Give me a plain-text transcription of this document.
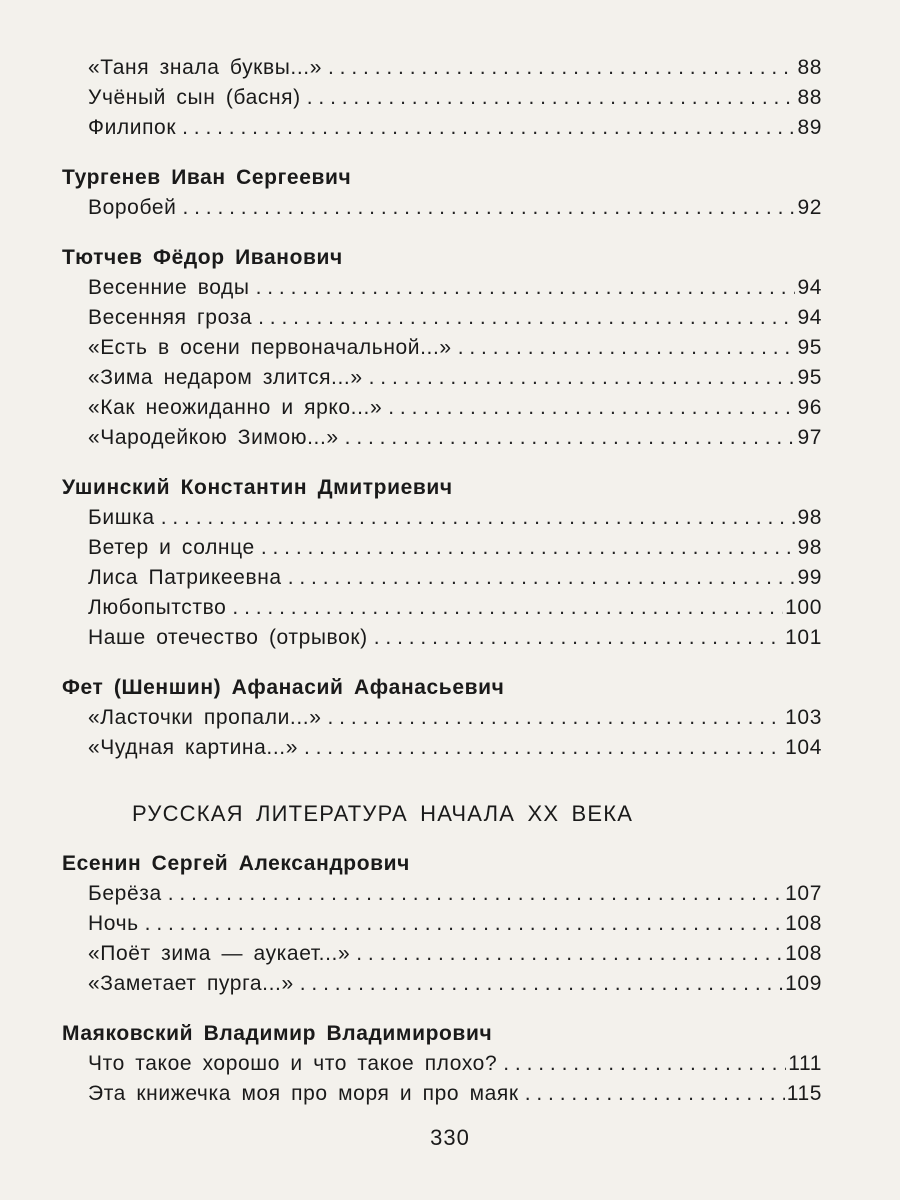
«Таня знала буквы...» . . .	88
Учёный сын (басня) . . .	88
Филипок . . .	89
Тургенев Иван Сергеевич
Воробей . . .	92
Тютчев Фёдор Иванович
Весенние воды . . .	94
Весенняя гроза . . .	94
«Есть в осени первоначальной...» . . .	95
«Зима недаром злится...» . . .	95
«Как неожиданно и ярко...» . . .	96
«Чародейкою Зимою...» . . .	97
Ушинский Константин Дмитриевич
Бишка . . .	98
Ветер и солнце . . .	98
Лиса Патрикеевна . . .	99
Любопытство . . .	100
Наше отечество (отрывок) . . .	101
Фет (Шеншин) Афанасий Афанасьевич
«Ласточки пропали...» . . .	103
«Чудная картина...» . . .	104
РУССКАЯ ЛИТЕРАТУРА НАЧАЛА XX ВЕКА
Есенин Сергей Александрович
Берёза . . .	107
Ночь . . .	108
«Поёт зима — аукает...» . . .	108
«Заметает пурга...» . . .	109
Маяковский Владимир Владимирович
Что такое хорошо и что такое плохо? . . .	111
Эта книжечка моя про моря и про маяк . . .	115
330
